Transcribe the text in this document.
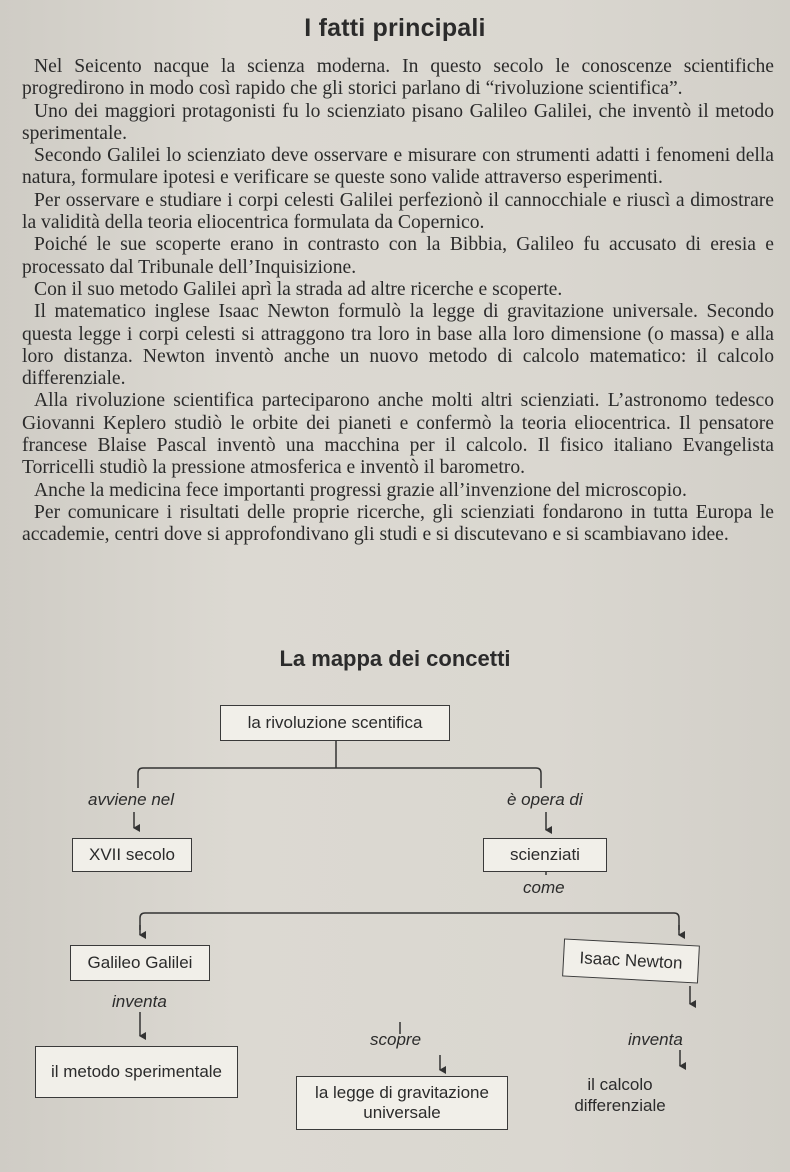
I fatti principali

Nel Seicento nacque la scienza moderna. In questo secolo le conoscenze scientifiche progredirono in modo così rapido che gli storici parlano di “rivoluzione scientifica”.

Uno dei maggiori protagonisti fu lo scienziato pisano Galileo Galilei, che inventò il metodo sperimentale.

Secondo Galilei lo scienziato deve osservare e misurare con strumenti adatti i fenomeni della natura, formulare ipotesi e verificare se queste sono valide attraverso esperimenti.

Per osservare e studiare i corpi celesti Galilei perfezionò il cannocchiale e riuscì a dimostrare la validità della teoria eliocentrica formulata da Copernico.

Poiché le sue scoperte erano in contrasto con la Bibbia, Galileo fu accusato di eresia e processato dal Tribunale dell’Inquisizione.

Con il suo metodo Galilei aprì la strada ad altre ricerche e scoperte.

Il matematico inglese Isaac Newton formulò la legge di gravitazione universale. Secondo questa legge i corpi celesti si attraggono tra loro in base alla loro dimensione (o massa) e alla loro distanza. Newton inventò anche un nuovo metodo di calcolo matematico: il calcolo differenziale.

Alla rivoluzione scientifica parteciparono anche molti altri scienziati. L’astronomo tedesco Giovanni Keplero studiò le orbite dei pianeti e confermò la teoria eliocentrica. Il pensatore francese Blaise Pascal inventò una macchina per il calcolo. Il fisico italiano Evangelista Torricelli studiò la pressione atmosferica e inventò il barometro.

Anche la medicina fece importanti progressi grazie all’invenzione del microscopio.

Per comunicare i risultati delle proprie ricerche, gli scienziati fondarono in tutta Europa le accademie, centri dove si approfondivano gli studi e si discutevano e si scambiavano idee.

La mappa dei concetti
la rivoluzione scentifica
avviene nel	è opera di
XVII secolo	scienziati
come
Galileo Galilei	Isaac Newton
inventa
scopre	inventa
il metodo sperimentale
la legge di gravitazione
universale
il calcolo
differenziale
